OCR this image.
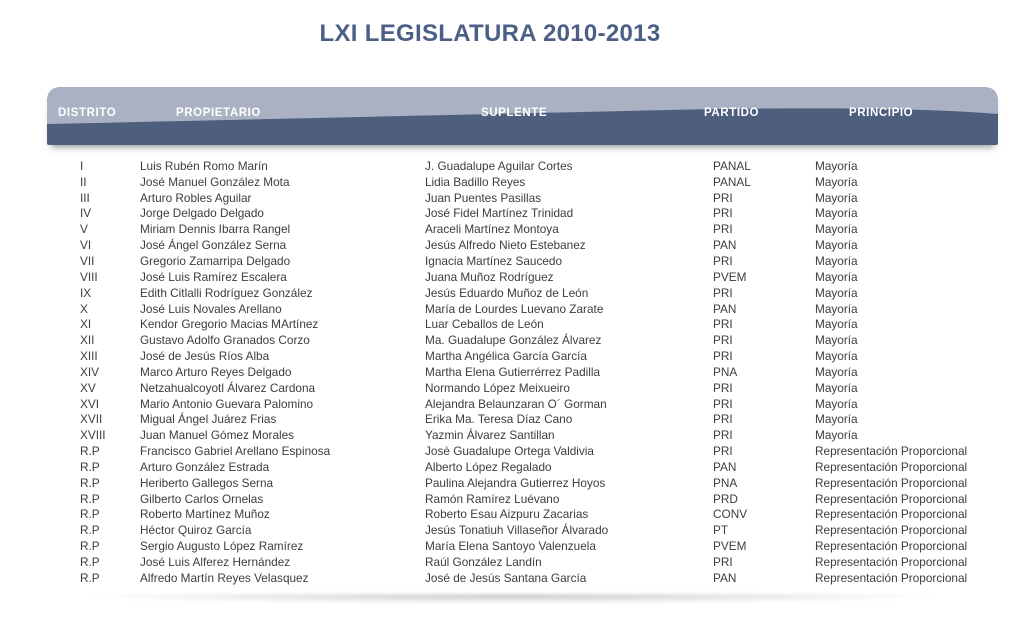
LXI LEGISLATURA 2010-2013
DISTRITO	PROPIETARIO	SUPLENTE	PARTIDO	PRINCIPIO
I	Luis Rubén Romo Marín	J. Guadalupe Aguilar Cortes	PANAL	Mayoría
II	José Manuel González Mota	Lidia Badillo Reyes	PANAL	Mayoría
III	Arturo Robles Aguilar	Juan Puentes Pasillas	PRI	Mayoría
IV	Jorge Delgado Delgado	José Fidel Martínez Trinidad	PRI	Mayoría
V	Miriam Dennis Ibarra Rangel	Araceli Martínez Montoya	PRI	Mayoría
VI	José Ángel González Serna	Jesús Alfredo Nieto Estebanez	PAN	Mayoría
VII	Gregorio Zamarripa Delgado	Ignacia Martínez Saucedo	PRI	Mayoría
VIII	José Luis Ramírez Escalera	Juana Muñoz Rodríguez	PVEM	Mayoría
IX	Edith Citlalli Rodríguez González	Jesús Eduardo Muñoz de León	PRI	Mayoría
X	José Luis Novales Arellano	María de Lourdes Luevano Zarate	PAN	Mayoría
XI	Kendor Gregorio Macias MArtínez	Luar Ceballos de León	PRI	Mayoría
XII	Gustavo Adolfo Granados Corzo	Ma. Guadalupe González Álvarez	PRI	Mayoría
XIII	José de Jesús Ríos Alba	Martha Angélica García García	PRI	Mayoría
XIV	Marco Arturo Reyes Delgado	Martha Elena Gutierrérrez Padilla	PNA	Mayoría
XV	Netzahualcoyotl Álvarez Cardona	Normando López Meixueiro	PRI	Mayoría
XVI	Mario Antonio Guevara Palomino	Alejandra Belaunzaran O´ Gorman	PRI	Mayoría
XVII	Migual Ángel Juárez Frias	Erika Ma. Teresa Díaz Cano	PRI	Mayoría
XVIII	Juan Manuel Gómez Morales	Yazmin Álvarez Santillan	PRI	Mayoría
R.P	Francisco Gabriel Arellano Espinosa	Josè Guadalupe Ortega Valdivia	PRI	Representación Proporcional
R.P	Arturo González Estrada	Alberto López Regalado	PAN	Representación Proporcional
R.P	Heriberto Gallegos Serna	Paulina Alejandra Gutierrez Hoyos	PNA	Representación Proporcional
R.P	Gilberto Carlos Ornelas	Ramón Ramírez Luévano	PRD	Representación Proporcional
R.P	Roberto Martínez Muñoz	Roberto Esau Aizpuru Zacarias	CONV	Representación Proporcional
R.P	Héctor Quiroz García	Jesús Tonatiuh Villaseñor Álvarado	PT	Representación Proporcional
R.P	Sergio Augusto López Ramírez	María Elena Santoyo Valenzuela	PVEM	Representación Proporcional
R.P	José Luis Alferez Hernández	Raúl González Landín	PRI	Representación Proporcional
R.P	Alfredo Martín Reyes Velasquez	José de Jesús Santana García	PAN	Representación Proporcional
